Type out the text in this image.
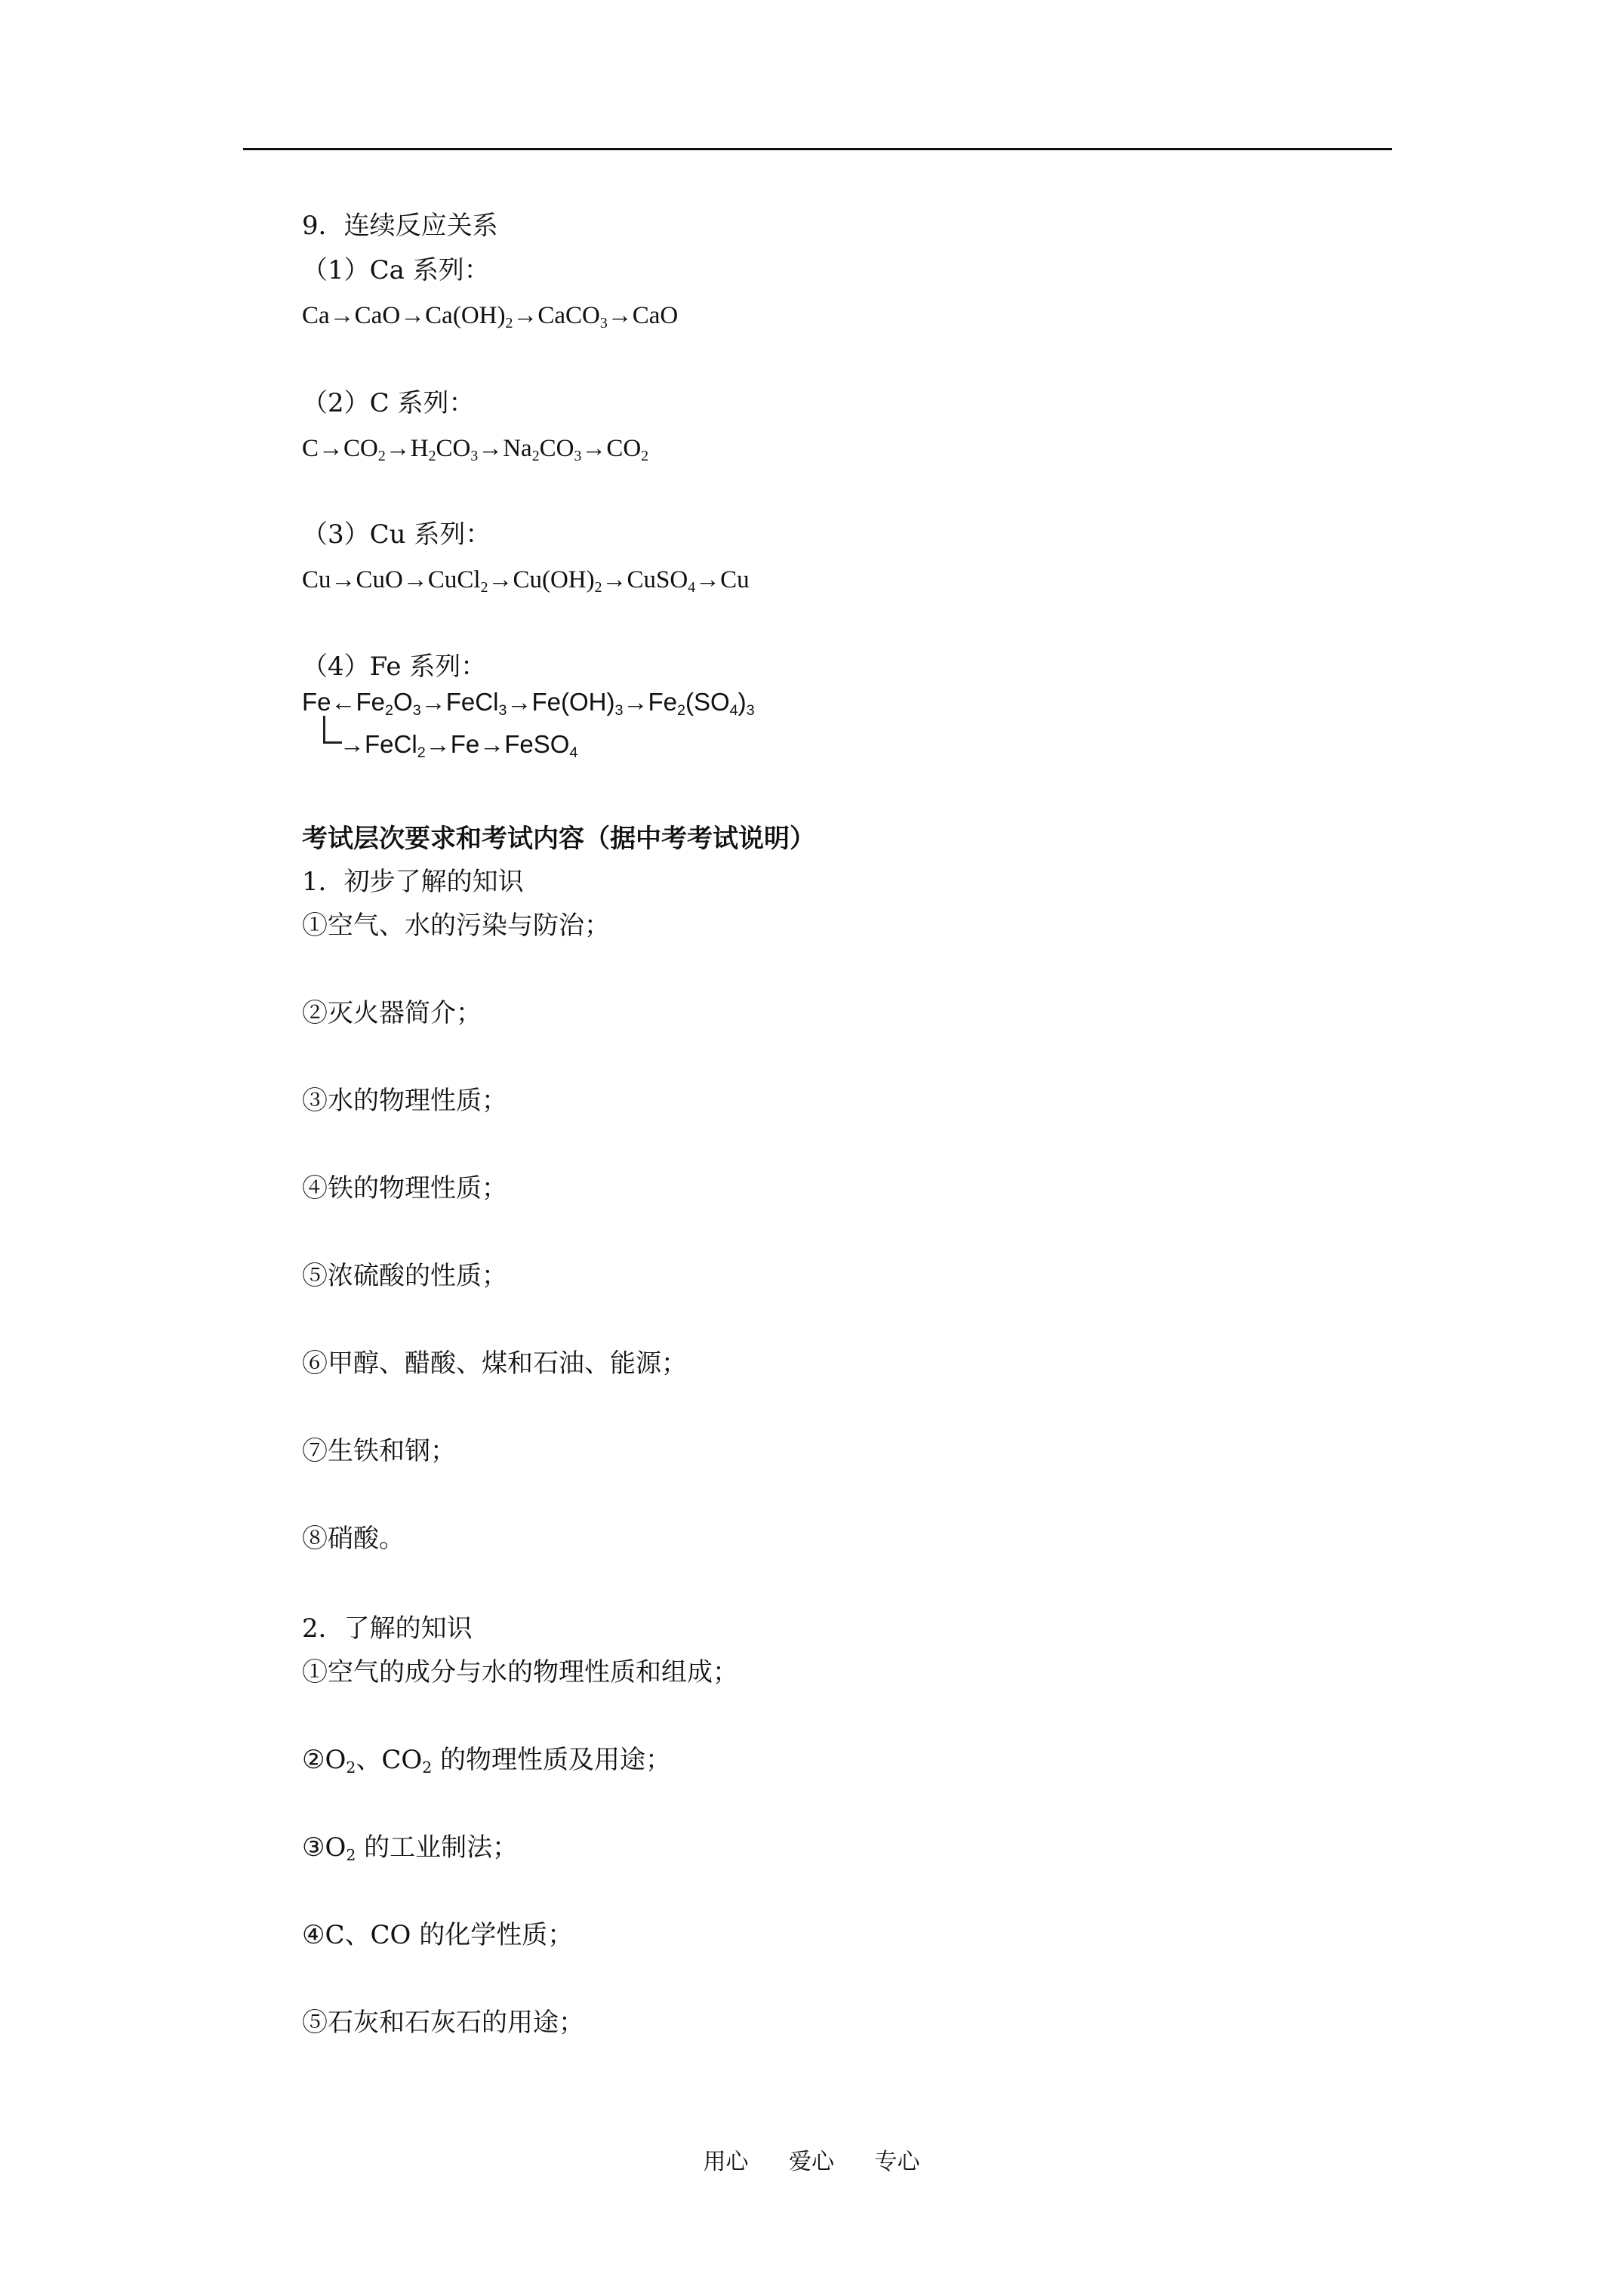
9．连续反应关系
（1）Ca 系列：
$Ca\to CaO\to Ca(OH)_2\to CaCO_3\to CaO$
（2）C 系列：
$C\to CO_2\to H_2CO_3\to Na_2CO_3\to CO_2$
（3）Cu 系列：
$Cu\to CuO\to CuCl_2\to Cu(OH)_2\to CuSO_4\to Cu$
（4）Fe 系列：
$Fe\leftarrow Fe_2O_3\to FeCl_3\to Fe(OH)_3\to Fe_2(SO_4)_3$
→FeCl$_2$→Fe→FeSO$_4$
考试层次要求和考试内容（据中考考试说明）
1．初步了解的知识
①空气、水的污染与防治；
②灭火器简介；
③水的物理性质；
④铁的物理性质；
⑤浓硫酸的性质；
⑥甲醇、醋酸、煤和石油、能源；
⑦生铁和钢；
⑧硝酸。
2．了解的知识
①空气的成分与水的物理性质和组成；
$②O_2$、$CO_2$ 的物理性质及用途；
$③O_2$ 的工业制法；
④C、CO 的化学性质；
⑤石灰和石灰石的用途；
用心 爱心 专心
